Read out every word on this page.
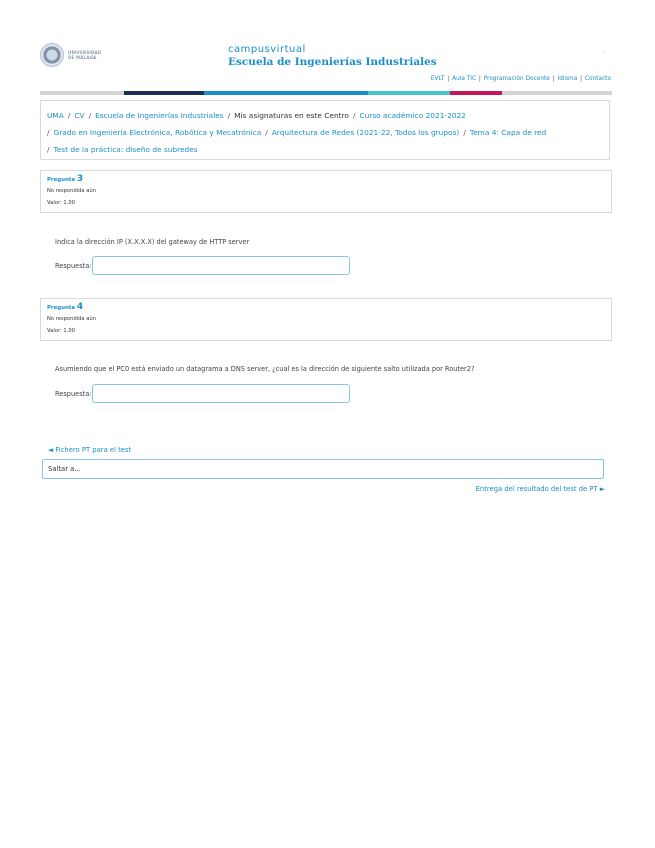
UNIVERSIDAD
DE MÁLAGA
campusvirtual
Escuela de Ingenierías Industriales
·
EVLT | Aula TIC | Programación Docente | Idioma | Contacto
UMA / CV / Escuela de Ingenierías Industriales / Mis asignaturas en este Centro / Curso académico 2021-2022
/ Grado en Ingeniería Electrónica, Robótica y Mecatrónica / Arquitectura de Redes (2021-22, Todos los grupos) / Tema 4: Capa de red
/ Test de la práctica: diseño de subredes
Pregunta 3
No respondida aún
Valor: 1,00
Indica la dirección IP (X.X.X.X) del gateway de HTTP server
Respuesta:
Pregunta 4
No respondida aún
Valor: 1,00
Asumiendo que el PC0 está enviado un datagrama a DNS server, ¿cual es la dirección de siguiente salto utilizada por Router2?
Respuesta:
◄ Fichero PT para el test
Saltar a...
Entrega del resultado del test de PT ►
